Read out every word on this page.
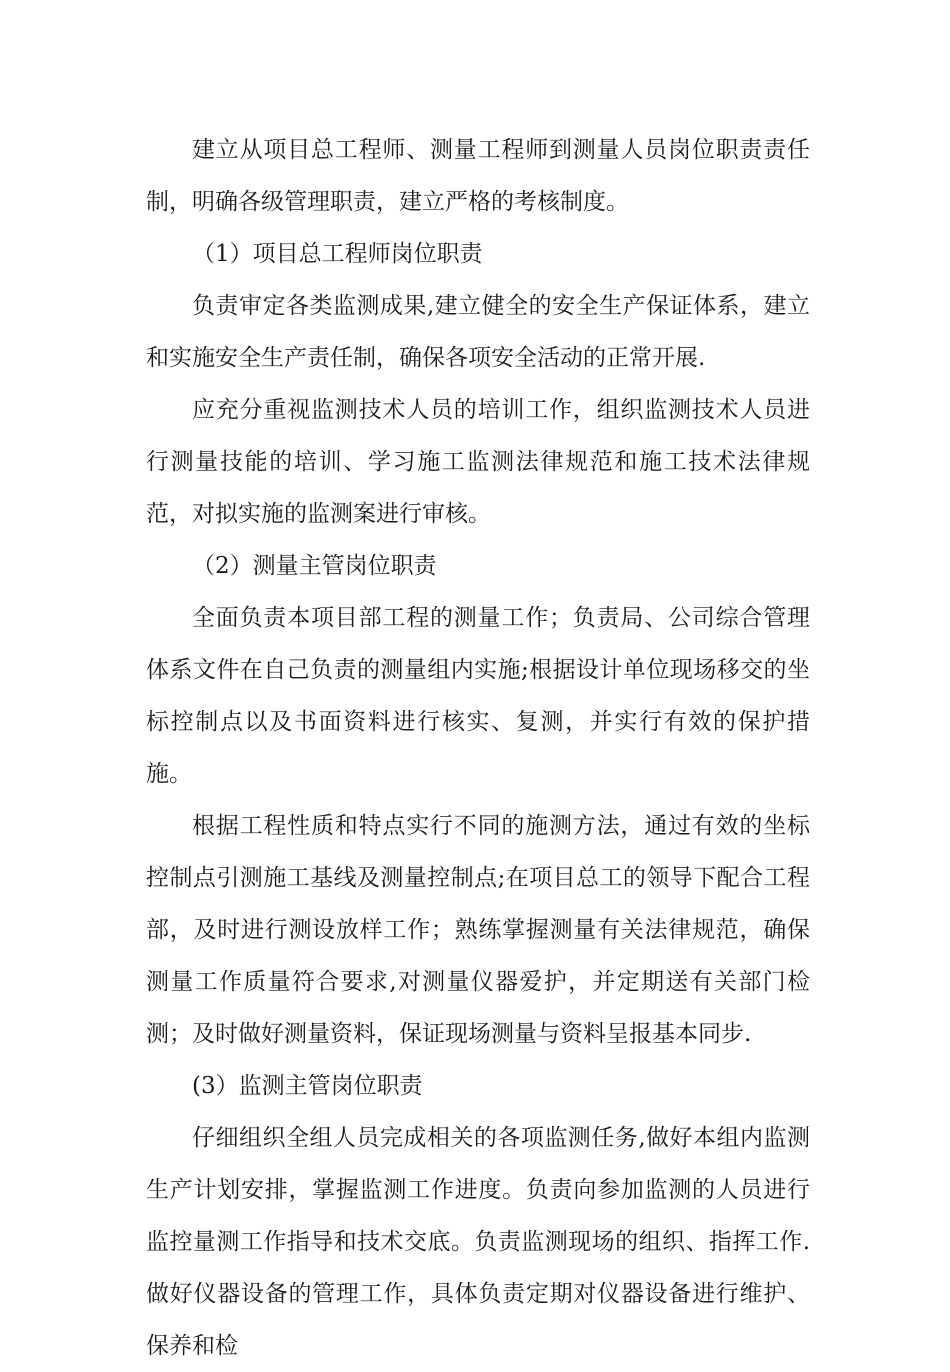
建立从项目总工程师、测量工程师到测量人员岗位职责责任制，明确各级管理职责，建立严格的考核制度。

（1）项目总工程师岗位职责

负责审定各类监测成果,建立健全的安全生产保证体系，建立和实施安全生产责任制，确保各项安全活动的正常开展.

应充分重视监测技术人员的培训工作，组织监测技术人员进行测量技能的培训、学习施工监测法律规范和施工技术法律规范，对拟实施的监测案进行审核。

（2）测量主管岗位职责

全面负责本项目部工程的测量工作；负责局、公司综合管理体系文件在自己负责的测量组内实施;根据设计单位现场移交的坐标控制点以及书面资料进行核实、复测，并实行有效的保护措施。

根据工程性质和特点实行不同的施测方法，通过有效的坐标控制点引测施工基线及测量控制点;在项目总工的领导下配合工程部，及时进行测设放样工作；熟练掌握测量有关法律规范，确保测量工作质量符合要求,对测量仪器爱护，并定期送有关部门检测；及时做好测量资料，保证现场测量与资料呈报基本同步.

(3）监测主管岗位职责

仔细组织全组人员完成相关的各项监测任务,做好本组内监测生产计划安排，掌握监测工作进度。负责向参加监测的人员进行监控量测工作指导和技术交底。负责监测现场的组织、指挥工作.做好仪器设备的管理工作，具体负责定期对仪器设备进行维护、保养和检
